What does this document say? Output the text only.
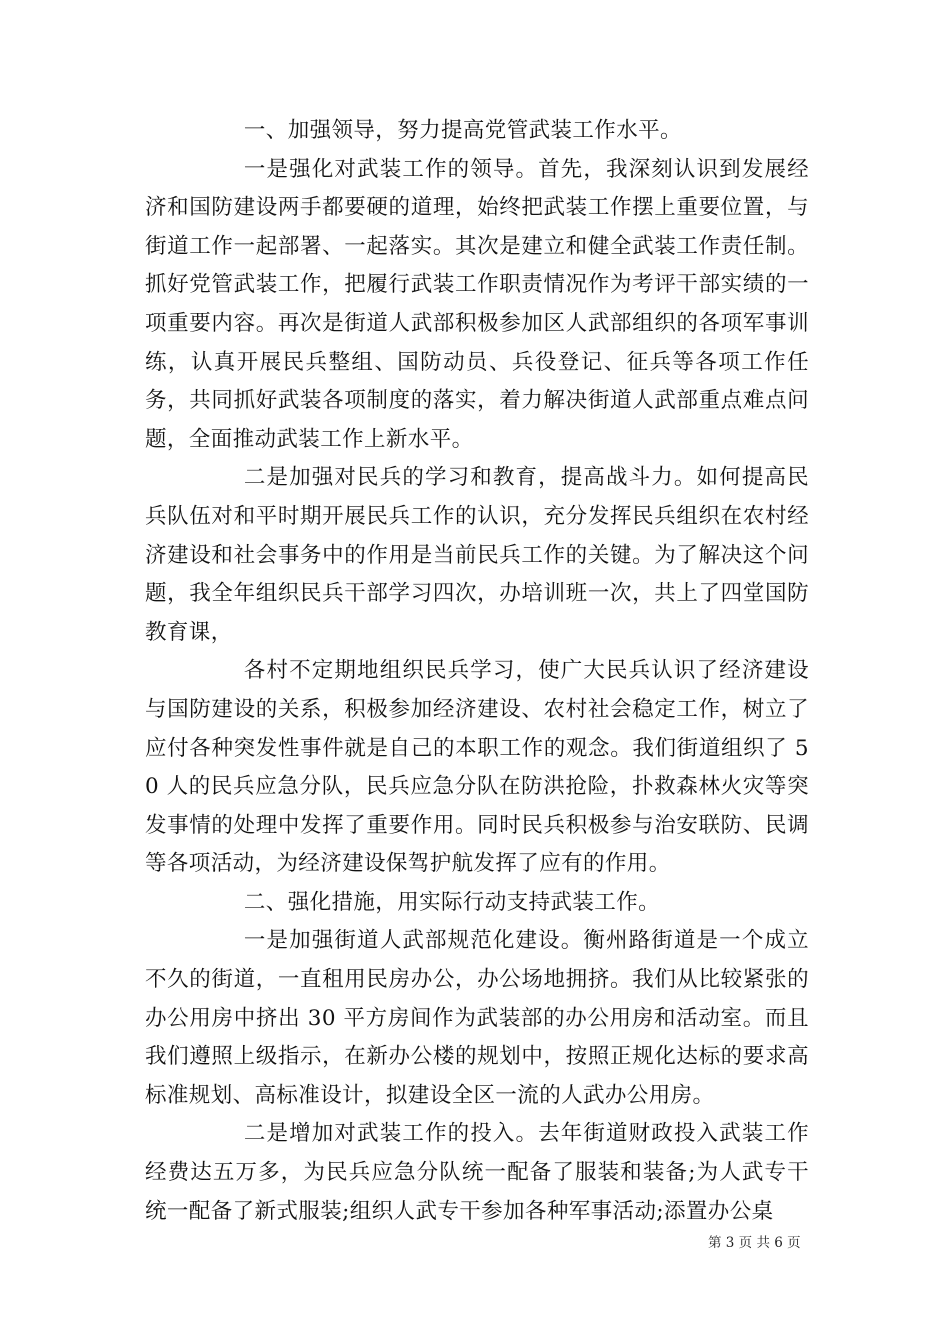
一、加强领导，努力提高党管武装工作水平。

一是强化对武装工作的领导。首先，我深刻认识到发展经济和国防建设两手都要硬的道理，始终把武装工作摆上重要位置，与街道工作一起部署、一起落实。其次是建立和健全武装工作责任制。抓好党管武装工作，把履行武装工作职责情况作为考评干部实绩的一项重要内容。再次是街道人武部积极参加区人武部组织的各项军事训练，认真开展民兵整组、国防动员、兵役登记、征兵等各项工作任务，共同抓好武装各项制度的落实，着力解决街道人武部重点难点问题，全面推动武装工作上新水平。

二是加强对民兵的学习和教育，提高战斗力。如何提高民兵队伍对和平时期开展民兵工作的认识，充分发挥民兵组织在农村经济建设和社会事务中的作用是当前民兵工作的关键。为了解决这个问题，我全年组织民兵干部学习四次，办培训班一次，共上了四堂国防教育课，

各村不定期地组织民兵学习，使广大民兵认识了经济建设与国防建设的关系，积极参加经济建设、农村社会稳定工作，树立了应付各种突发性事件就是自己的本职工作的观念。我们街道组织了 50 人的民兵应急分队，民兵应急分队在防洪抢险，扑救森林火灾等突发事情的处理中发挥了重要作用。同时民兵积极参与治安联防、民调等各项活动，为经济建设保驾护航发挥了应有的作用。

二、强化措施，用实际行动支持武装工作。

一是加强街道人武部规范化建设。衡州路街道是一个成立不久的街道，一直租用民房办公，办公场地拥挤。我们从比较紧张的办公用房中挤出 30 平方房间作为武装部的办公用房和活动室。而且我们遵照上级指示，在新办公楼的规划中，按照正规化达标的要求高标准规划、高标准设计，拟建设全区一流的人武办公用房。

二是增加对武装工作的投入。去年街道财政投入武装工作经费达五万多，为民兵应急分队统一配备了服装和装备;为人武专干统一配备了新式服装;组织人武专干参加各种军事活动;添置办公桌

第 3 页 共 6 页
